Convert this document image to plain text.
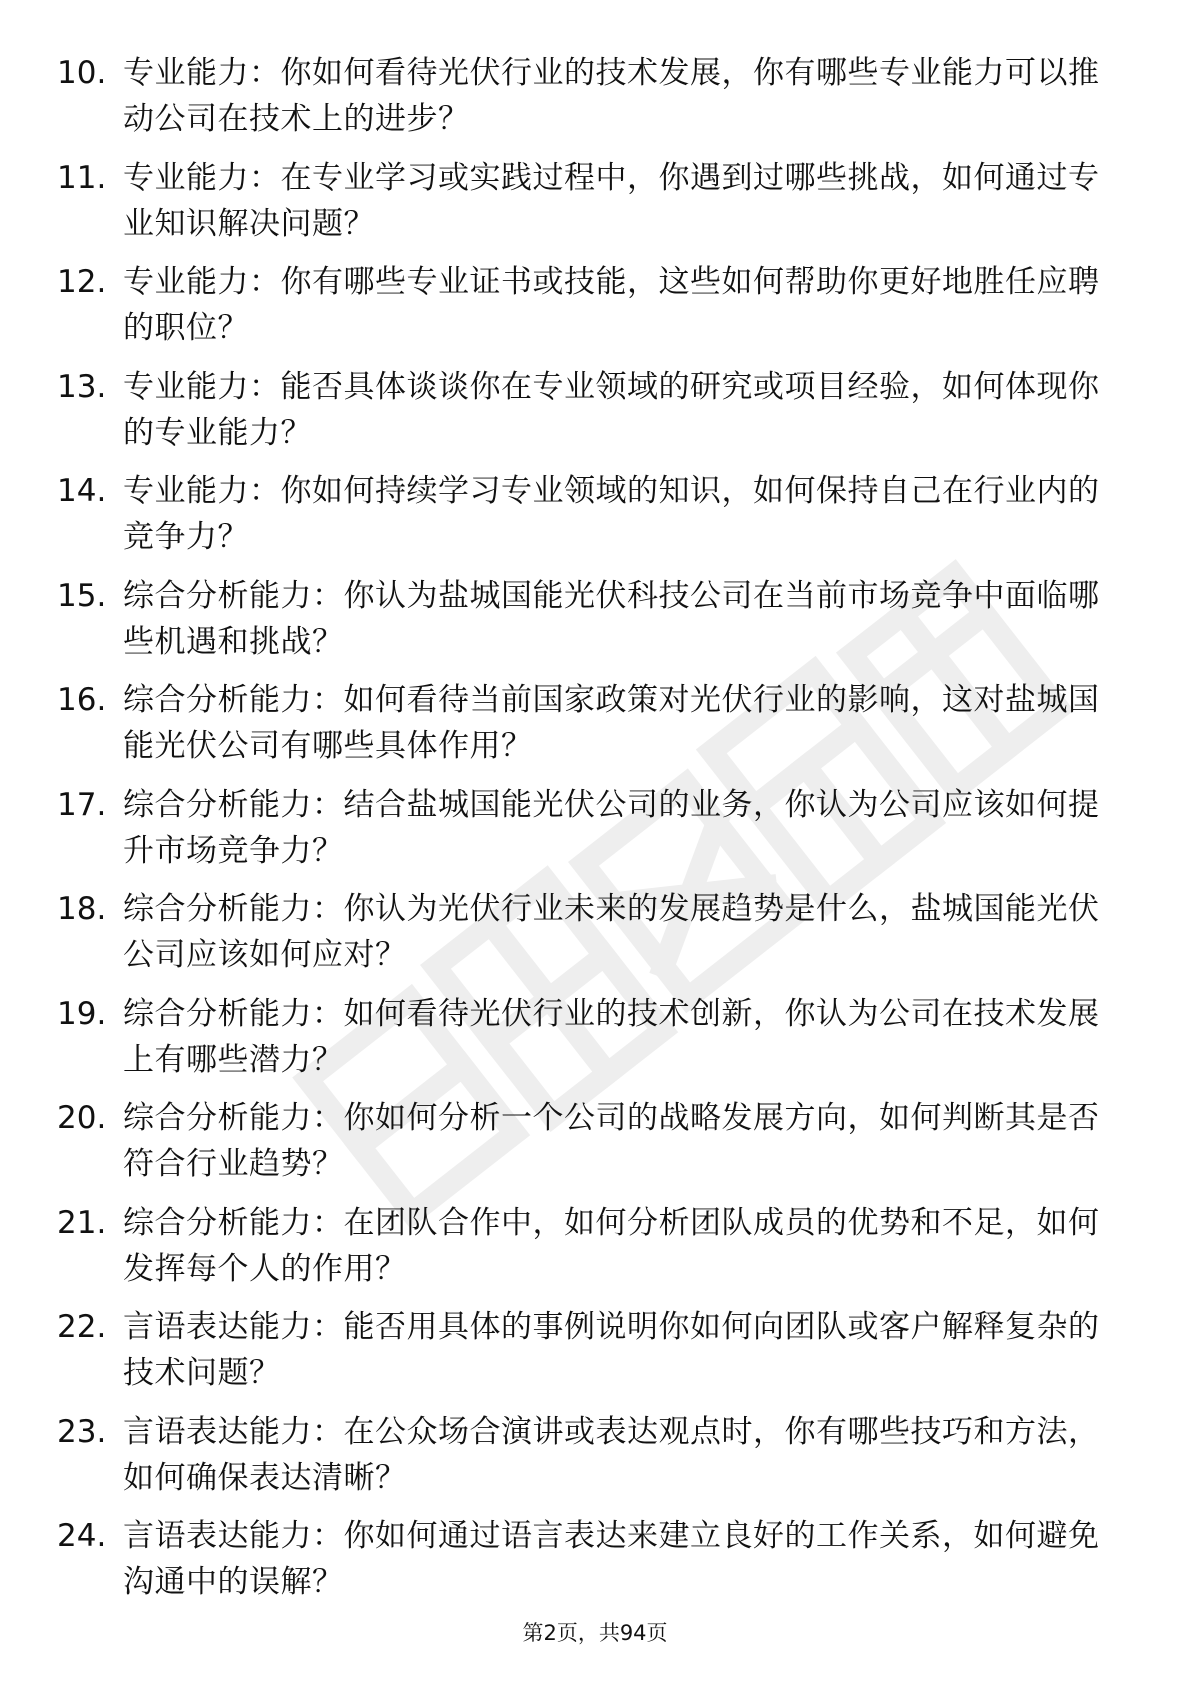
10. 专业能力：你如何看待光伏行业的技术发展，你有哪些专业能力可以推动公司在技术上的进步？
11. 专业能力：在专业学习或实践过程中，你遇到过哪些挑战，如何通过专业知识解决问题？
12. 专业能力：你有哪些专业证书或技能，这些如何帮助你更好地胜任应聘的职位？
13. 专业能力：能否具体谈谈你在专业领域的研究或项目经验，如何体现你的专业能力？
14. 专业能力：你如何持续学习专业领域的知识，如何保持自己在行业内的竞争力？
15. 综合分析能力：你认为盐城国能光伏科技公司在当前市场竞争中面临哪些机遇和挑战？
16. 综合分析能力：如何看待当前国家政策对光伏行业的影响，这对盐城国能光伏公司有哪些具体作用？
17. 综合分析能力：结合盐城国能光伏公司的业务，你认为公司应该如何提升市场竞争力？
18. 综合分析能力：你认为光伏行业未来的发展趋势是什么，盐城国能光伏公司应该如何应对？
19. 综合分析能力：如何看待光伏行业的技术创新，你认为公司在技术发展上有哪些潜力？
20. 综合分析能力：你如何分析一个公司的战略发展方向，如何判断其是否符合行业趋势？
21. 综合分析能力：在团队合作中，如何分析团队成员的优势和不足，如何发挥每个人的作用？
22. 言语表达能力：能否用具体的事例说明你如何向团队或客户解释复杂的技术问题？
23. 言语表达能力：在公众场合演讲或表达观点时，你有哪些技巧和方法，如何确保表达清晰？
24. 言语表达能力：你如何通过语言表达来建立良好的工作关系，如何避免沟通中的误解？
第2页，共94页
